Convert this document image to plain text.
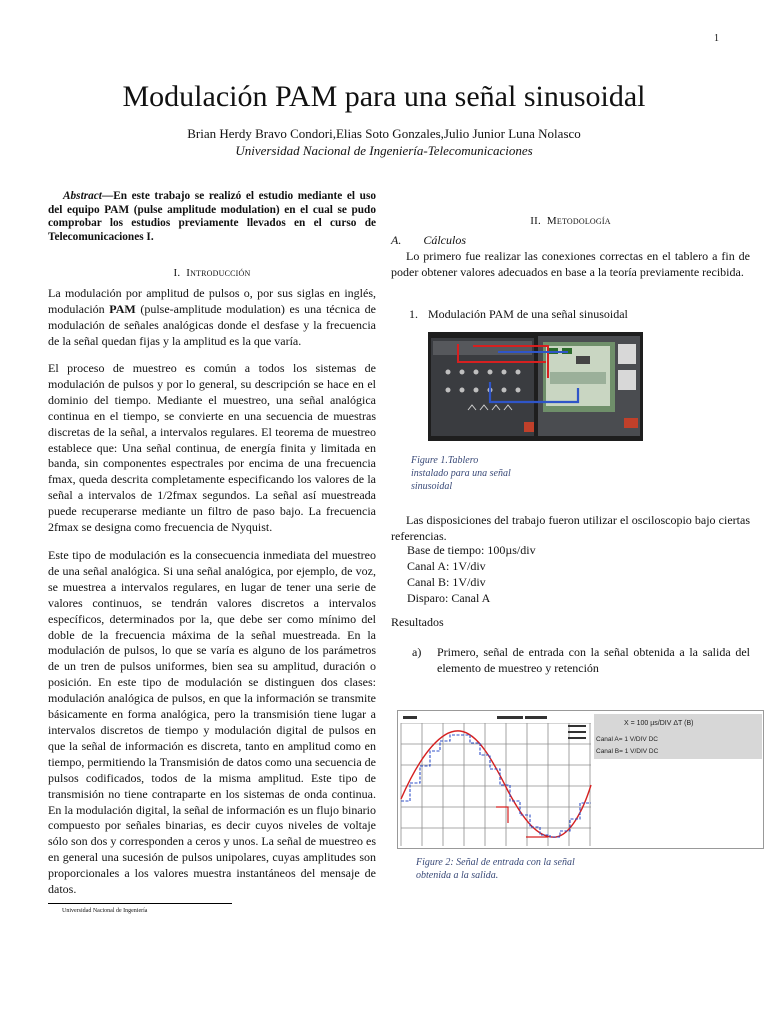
1
Modulación PAM para una señal sinusoidal
Brian Herdy Bravo Condori,Elias Soto Gonzales,Julio Junior Luna Nolasco
Universidad Nacional de Ingeniería-Telecomunicaciones
Abstract—En este trabajo se realizó el estudio mediante el uso del equipo PAM (pulse amplitude modulation) en el cual se pudo comprobar los estudios previamente llevados en el curso de Telecomunicaciones I.
I. Introducción

La modulación por amplitud de pulsos o, por sus siglas en inglés, modulación PAM (pulse-amplitude modulation) es una técnica de modulación de señales analógicas donde el desfase y la frecuencia de la señal quedan fijas y la amplitud es la que varía.

El proceso de muestreo es común a todos los sistemas de modulación de pulsos y por lo general, su descripción se hace en el dominio del tiempo. Mediante el muestreo, una señal analógica continua en el tiempo, se convierte en una secuencia de muestras discretas de la señal, a intervalos regulares. El teorema de muestreo establece que: Una señal continua, de energía finita y limitada en banda, sin componentes espectrales por encima de una frecuencia fmax, queda descrita completamente especificando los valores de la señal a intervalos de 1/2fmax segundos. La señal así muestreada puede recuperarse mediante un filtro de paso bajo. La frecuencia 2fmax se designa como frecuencia de Nyquist.

Este tipo de modulación es la consecuencia inmediata del muestreo de una señal analógica. Si una señal analógica, por ejemplo, de voz, se muestrea a intervalos regulares, en lugar de tener una serie de valores continuos, se tendrán valores discretos a intervalos específicos, determinados por la, que debe ser como mínimo del doble de la frecuencia máxima de la señal muestreada. En la modulación de pulsos, lo que se varía es alguno de los parámetros de un tren de pulsos uniformes, bien sea su amplitud, duración o posición. En este tipo de modulación se distinguen dos clases: modulación analógica de pulsos, en que la información se transmite básicamente en forma analógica, pero la transmisión tiene lugar a intervalos discretos de tiempo y modulación digital de pulsos en que la señal de información es discreta, tanto en amplitud como en tiempo, permitiendo la Transmisión de datos como una secuencia de pulsos codificados, todos de la misma amplitud. Este tipo de transmisión no tiene contraparte en los sistemas de onda continua. En la modulación digital, la señal de información es un flujo binario compuesto por señales binarias, es decir cuyos niveles de voltaje sólo son dos y corresponden a ceros y unos. La señal de muestreo es en general una sucesión de pulsos unipolares, cuyas amplitudes son proporcionales a los valores muestra instantáneos del mensaje de datos.

Universidad Nacional de Ingeniería
II. Metodología
A. Cálculos

Lo primero fue realizar las conexiones correctas en el tablero a fin de poder obtener valores adecuados en base a la teoría previamente recibida.

1. Modulación PAM de una señal sinusoidal
Figure 1.Tablero instalado para una señal sinusoidal

Las disposiciones del trabajo fueron utilizar el osciloscopio bajo ciertas referencias.

Base de tiempo: 100µs/div
Canal A: 1V/div
Canal B: 1V/div
Disparo: Canal A
Resultados
a)	Primero, señal de entrada con la señal obtenida a la salida del elemento de muestreo y retención
X = 100 µs/DIV ΔT (B)
Canal A= 1 V/DIV DC
Canal B= 1 V/DIV DC
Figure 2: Señal de entrada con la señal obtenida a la salida.
